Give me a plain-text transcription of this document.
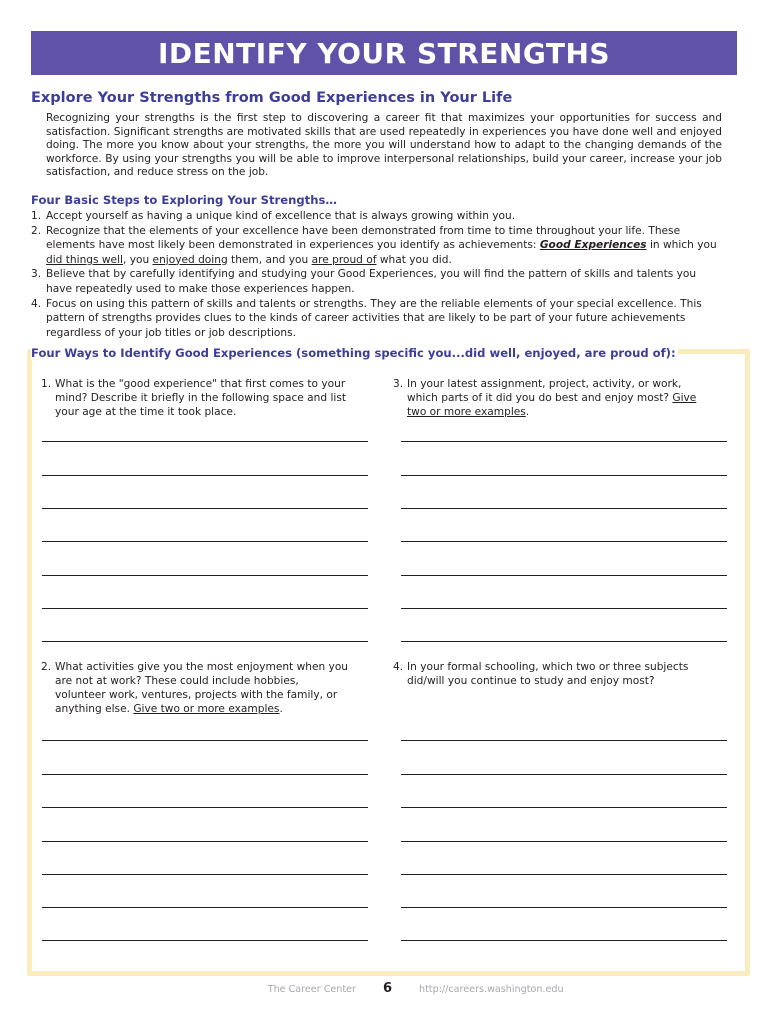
IDENTIFY YOUR STRENGTHS
Explore Your Strengths from Good Experiences in Your Life

Recognizing your strengths is the first step to discovering a career fit that maximizes your opportunities for success and satisfaction. Significant strengths are motivated skills that are used repeatedly in experiences you have done well and enjoyed doing. The more you know about your strengths, the more you will understand how to adapt to the changing demands of the workforce. By using your strengths you will be able to improve interpersonal relationships, build your career, increase your job satisfaction, and reduce stress on the job.

Four Basic Steps to Exploring Your Strengths…
1. Accept yourself as having a unique kind of excellence that is always growing within you.
2. Recognize that the elements of your excellence have been demonstrated from time to time throughout your life. These elements have most likely been demonstrated in experiences you identify as achievements: Good Experiences in which you did things well, you enjoyed doing them, and you are proud of what you did.
3. Believe that by carefully identifying and studying your Good Experiences, you will find the pattern of skills and talents you have repeatedly used to make those experiences happen.
4. Focus on using this pattern of skills and talents or strengths. They are the reliable elements of your special excellence. This pattern of strengths provides clues to the kinds of career activities that are likely to be part of your future achievements regardless of your job titles or job descriptions.
Four Ways to Identify Good Experiences (something specific you...did well, enjoyed, are proud of):
1. What is the "good experience" that first comes to your mind? Describe it briefly in the following space and list your age at the time it took place.
3. In your latest assignment, project, activity, or work, which parts of it did you do best and enjoy most? Give two or more examples.
2. What activities give you the most enjoyment when you are not at work? These could include hobbies, volunteer work, ventures, projects with the family, or anything else. Give two or more examples.
4. In your formal schooling, which two or three subjects did/will you continue to study and enjoy most?
The Career Center 6	http://careers.washington.edu
